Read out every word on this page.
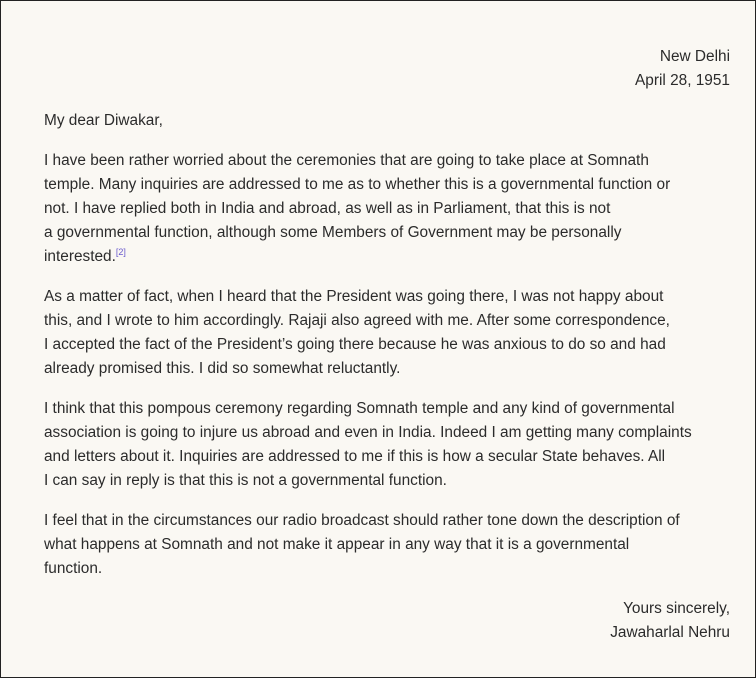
New Delhi
April 28, 1951
My dear Diwakar,
I have been rather worried about the ceremonies that are going to take place at Somnath
temple. Many inquiries are addressed to me as to whether this is a governmental function or
not. I have replied both in India and abroad, as well as in Parliament, that this is not
a governmental function, although some Members of Government may be personally
interested.[2]
As a matter of fact, when I heard that the President was going there, I was not happy about
this, and I wrote to him accordingly. Rajaji also agreed with me. After some correspondence,
I accepted the fact of the President’s going there because he was anxious to do so and had
already promised this. I did so somewhat reluctantly.
I think that this pompous ceremony regarding Somnath temple and any kind of governmental
association is going to injure us abroad and even in India. Indeed I am getting many complaints
and letters about it. Inquiries are addressed to me if this is how a secular State behaves. All
I can say in reply is that this is not a governmental function.
I feel that in the circumstances our radio broadcast should rather tone down the description of
what happens at Somnath and not make it appear in any way that it is a governmental
function.
Yours sincerely,
Jawaharlal Nehru
